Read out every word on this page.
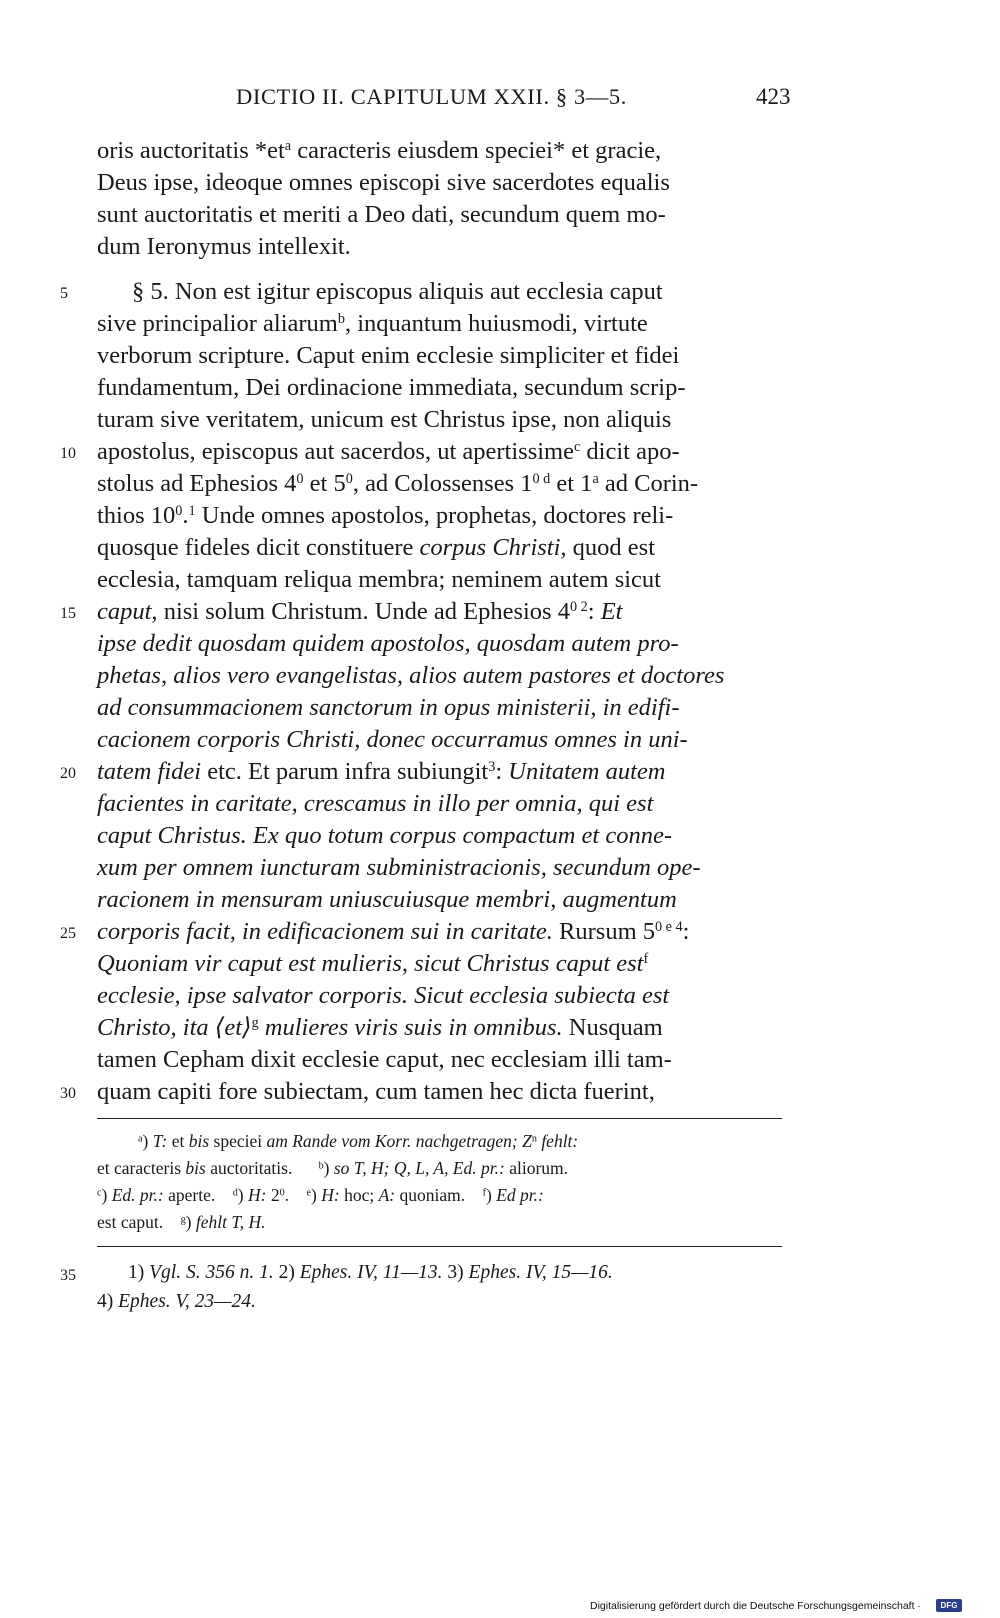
DICTIO II. CAPITULUM XXII. § 3—5.	423
oris auctoritatis $*et^a$ caracteris eiusdem speciei* et gracie,
Deus ipse, ideoque omnes episcopi sive sacerdotes equalis
sunt auctoritatis et meriti a Deo dati, secundum quem mo-
dum Ieronymus intellexit.
§ 5. Non est igitur episcopus aliquis aut ecclesia caput
sive principalior aliarum$^b$, inquantum huiusmodi, virtute
verborum scripture. Caput enim ecclesie simpliciter et fidei
fundamentum, Dei ordinacione immediata, secundum scrip-
turam sive veritatem, unicum est Christus ipse, non aliquis
apostolus, episcopus aut sacerdos, ut apertissime$^c$ dicit apo-
stolus ad Ephesios $4^0$ et $5^0$, ad Colossenses $1^{0 d}$ et 1$^a$ ad Corin-
thios $10^0.^1$ Unde omnes apostolos, prophetas, doctores reli-
quosque fideles dicit constituere corpus Christi, quod est
ecclesia, tamquam reliqua membra; neminem autem sicut
caput, nisi solum Christum. Unde ad Ephesios $4^{0 2}$: Et
ipse dedit quosdam quidem apostolos, quosdam autem pro-
phetas, alios vero evangelistas, alios autem pastores et doctores
ad consummacionem sanctorum in opus ministerii, in edifi-
cacionem corporis Christi, donec occurramus omnes in uni-
tatem fidei etc. Et parum infra subiungit$^3$: Unitatem autem
facientes in caritate, crescamus in illo per omnia, qui est
caput Christus. Ex quo totum corpus compactum et conne-
xum per omnem iuncturam subministracionis, secundum ope-
racionem in mensuram uniuscuiusque membri, augmentum
corporis facit, in edificacionem sui in caritate. Rursum $5^{0 e 4}$:
Quoniam vir caput est mulieris, sicut Christus caput est$^f$
ecclesie, ipse salvator corporis. Sicut ecclesia subiecta est
Christo, ita ⟨et⟩$^g$ mulieres viris suis in omnibus. Nusquam
tamen Cepham dixit ecclesie caput, nec ecclesiam illi tam-
quam capiti fore subiectam, cum tamen hec dicta fuerint,
5
10
15
20
25
30
35
$^a$) T: et bis speciei am Rande vom Korr. nachgetragen; $Z^n$ fehlt:
et caracteris bis auctoritatis.	$^b$) so T, H; Q, L, A, Ed. pr.: aliorum.
$^c$) Ed. pr.: aperte. $^d$) H: $2^0$. $^e$) H: hoc; A: quoniam. $^f$) Ed pr.:
est caput. $^g$) fehlt T, H.
1) Vgl. S. 356 n. 1. 2) Ephes. IV, 11—13. 3) Ephes. IV, 15—16.
4) Ephes. V, 23—24.
Digitalisierung gefördert durch die Deutsche Forschungsgemeinschaft ·	DFG
